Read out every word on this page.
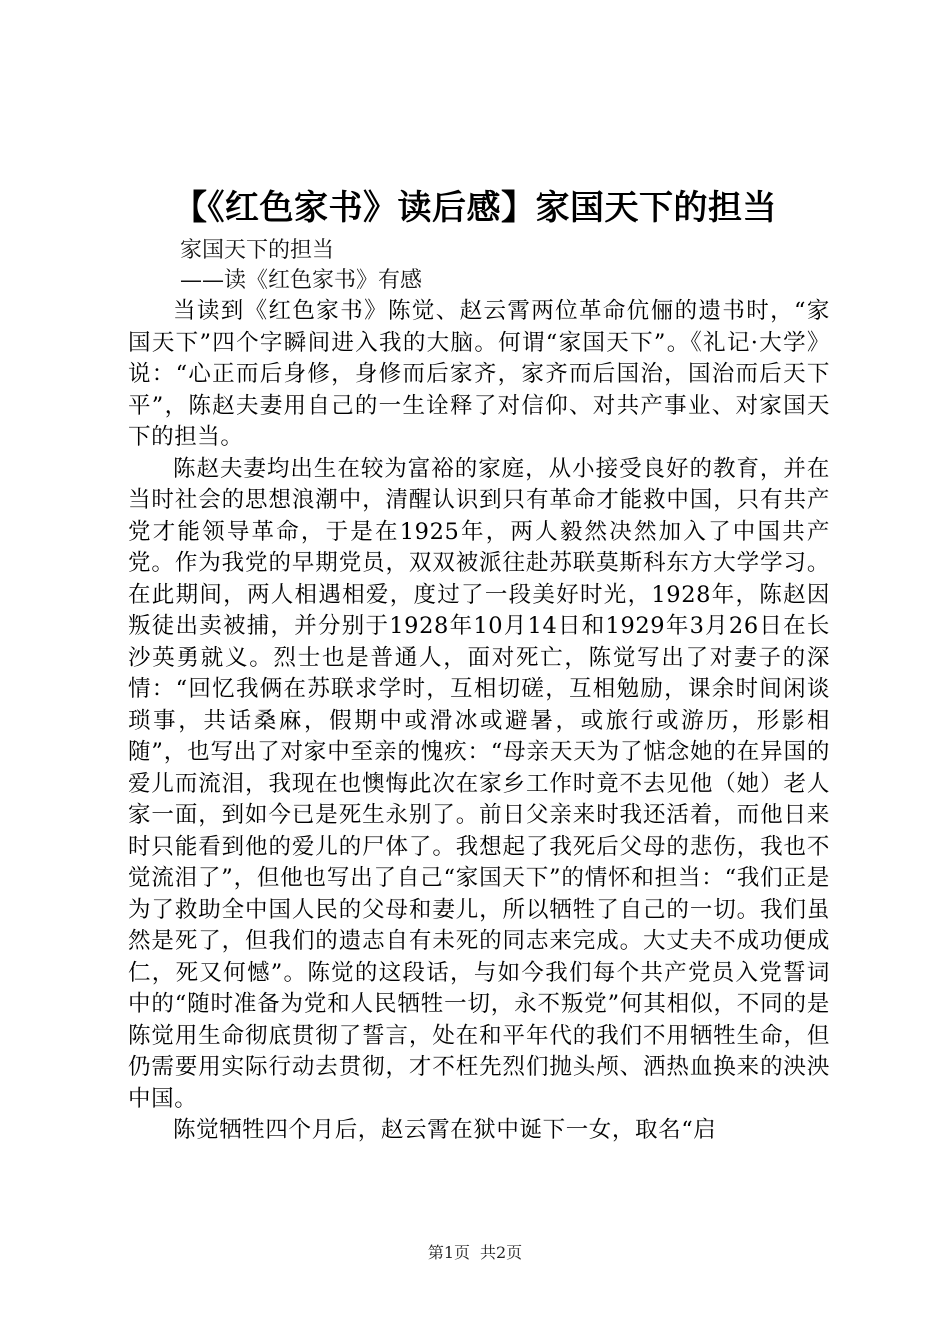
【《红色家书》读后感】家国天下的担当
家国天下的担当
——读《红色家书》有感

当读到《红色家书》陈觉、赵云霄两位革命伉俪的遗书时，“家国天下”四个字瞬间进入我的大脑。何谓“家国天下”。《礼记·大学》说：“心正而后身修，身修而后家齐，家齐而后国治，国治而后天下平”，陈赵夫妻用自己的一生诠释了对信仰、对共产事业、对家国天下的担当。

陈赵夫妻均出生在较为富裕的家庭，从小接受良好的教育，并在当时社会的思想浪潮中，清醒认识到只有革命才能救中国，只有共产党才能领导革命，于是在1925年，两人毅然决然加入了中国共产党。作为我党的早期党员，双双被派往赴苏联莫斯科东方大学学习。在此期间，两人相遇相爱，度过了一段美好时光，1928年，陈赵因叛徒出卖被捕，并分别于1928年10月14日和1929年3月26日在长沙英勇就义。烈士也是普通人，面对死亡，陈觉写出了对妻子的深情：“回忆我俩在苏联求学时，互相切磋，互相勉励，课余时间闲谈琐事，共话桑麻，假期中或滑冰或避暑，或旅行或游历，形影相随”，也写出了对家中至亲的愧疚：“母亲天天为了惦念她的在异国的爱儿而流泪，我现在也懊悔此次在家乡工作时竟不去见他（她）老人家一面，到如今已是死生永别了。前日父亲来时我还活着，而他日来时只能看到他的爱儿的尸体了。我想起了我死后父母的悲伤，我也不觉流泪了”，但他也写出了自己“家国天下”的情怀和担当：“我们正是为了救助全中国人民的父母和妻儿，所以牺牲了自己的一切。我们虽然是死了，但我们的遗志自有未死的同志来完成。大丈夫不成功便成仁，死又何憾”。陈觉的这段话，与如今我们每个共产党员入党誓词中的“随时准备为党和人民牺牲一切，永不叛党”何其相似，不同的是陈觉用生命彻底贯彻了誓言，处在和平年代的我们不用牺牲生命，但仍需要用实际行动去贯彻，才不枉先烈们抛头颅、洒热血换来的泱泱中国。

陈觉牺牲四个月后，赵云霄在狱中诞下一女，取名“启

第1页 共2页
